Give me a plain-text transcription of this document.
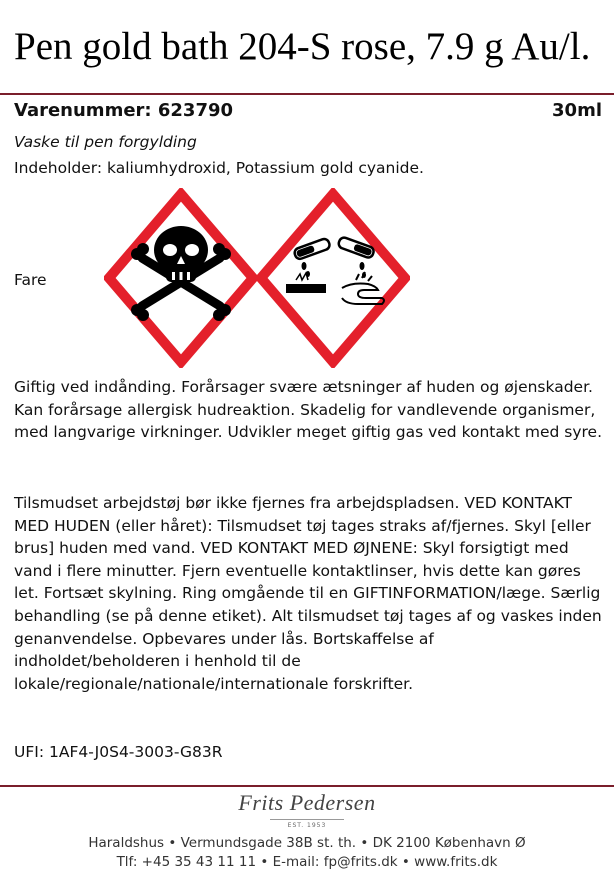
Pen gold bath 204-S rose, 7.9 g Au/l.
Varenummer: 623790	30ml
Vaske til pen forgylding
Indeholder: kaliumhydroxid, Potassium gold cyanide.
Fare
Giftig ved indånding. Forårsager svære ætsninger af huden og øjenskader. Kan forårsage allergisk hudreaktion. Skadelig for vandlevende organismer, med langvarige virkninger. Udvikler meget giftig gas ved kontakt med syre.
Tilsmudset arbejdstøj bør ikke fjernes fra arbejdspladsen. VED KONTAKT MED HUDEN (eller håret): Tilsmudset tøj tages straks af/fjernes. Skyl [eller brus] huden med vand. VED KONTAKT MED ØJNENE: Skyl forsigtigt med vand i flere minutter. Fjern eventuelle kontaktlinser, hvis dette kan gøres let. Fortsæt skylning. Ring omgående til en GIFTINFORMATION/læge. Særlig behandling (se på denne etiket). Alt tilsmudset tøj tages af og vaskes inden genanvendelse. Opbevares under lås. Bortskaffelse af indholdet/beholderen i henhold til de lokale/regionale/nationale/internationale forskrifter.
UFI: 1AF4-J0S4-3003-G83R
Frits Pedersen
EST. 1953
Haraldshus • Vermundsgade 38B st. th. • DK 2100 København Ø
Tlf: +45 35 43 11 11 • E-mail: fp@frits.dk • www.frits.dk
